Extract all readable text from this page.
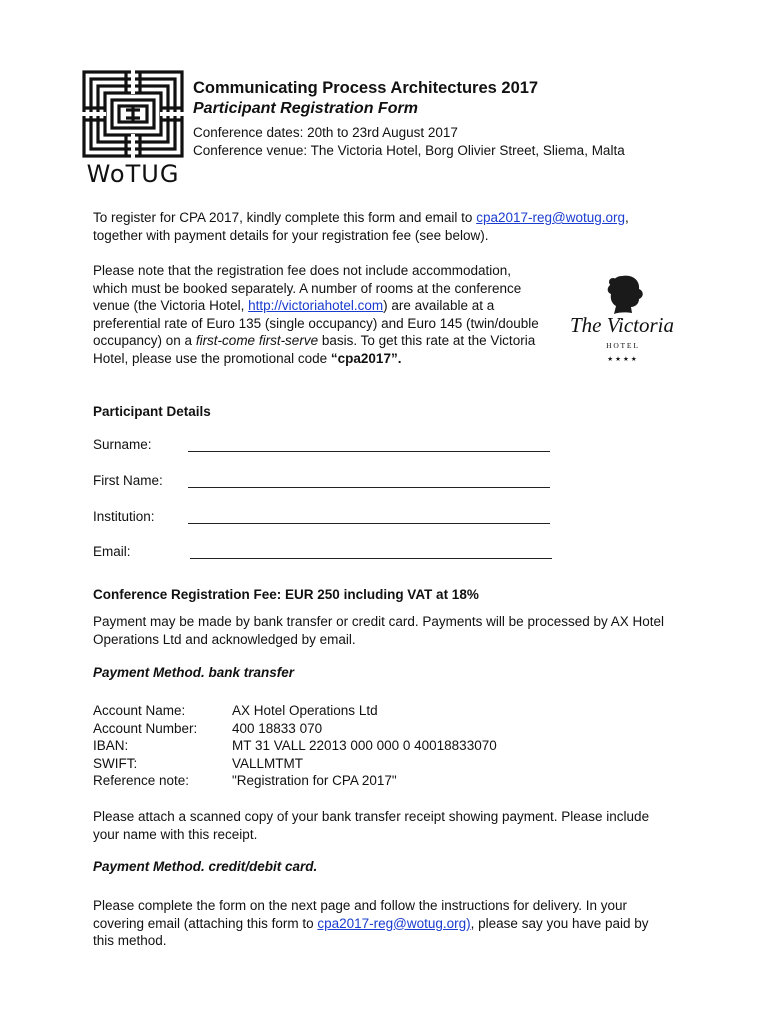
WoTUG

Communicating Process Architectures 2017

Participant Registration Form

Conference dates: 20th to 23rd August 2017

Conference venue: The Victoria Hotel, Borg Olivier Street, Sliema, Malta

To register for CPA 2017, kindly complete this form and email to cpa2017-reg@wotug.org, together with payment details for your registration fee (see below).

Please note that the registration fee does not include accommodation, which must be booked separately. A number of rooms at the conference venue (the Victoria Hotel, http://victoriahotel.com) are available at a preferential rate of Euro 135 (single occupancy) and Euro 145 (twin/double occupancy) on a first-come first-serve basis. To get this rate at the Victoria Hotel, please use the promotional code “cpa2017”.

The Victoria
H O T E L
★ ★ ★ ★
Participant Details
Surname:
First Name:
Institution:
Email:
Conference Registration Fee: EUR 250 including VAT at 18%

Payment may be made by bank transfer or credit card. Payments will be processed by AX Hotel Operations Ltd and acknowledged by email.

Payment Method. bank transfer
Account Name:	AX Hotel Operations Ltd
Account Number:	400 18833 070
IBAN:	MT 31 VALL 22013 000 000 0 40018833070
SWIFT:	VALLMTMT
Reference note:	"Registration for CPA 2017"

Please attach a scanned copy of your bank transfer receipt showing payment. Please include your name with this receipt.

Payment Method. credit/debit card.

Please complete the form on the next page and follow the instructions for delivery. In your covering email (attaching this form to cpa2017-reg@wotug.org), please say you have paid by this method.
